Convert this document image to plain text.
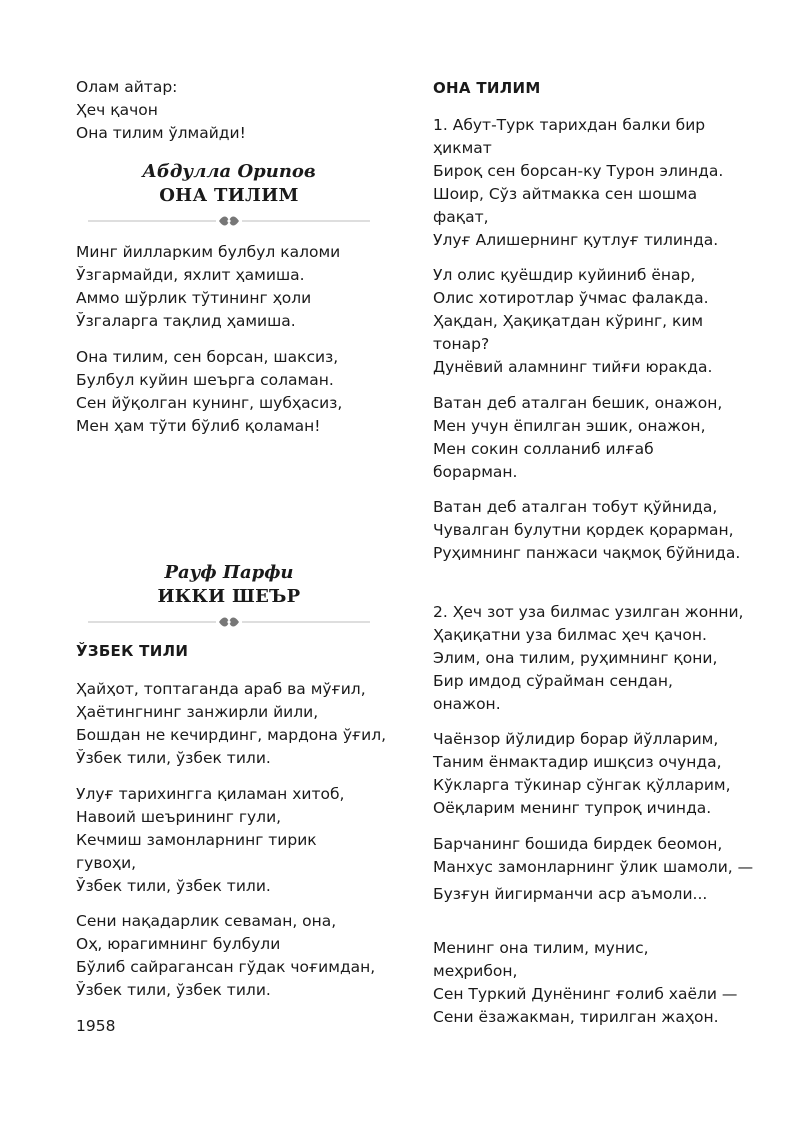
Олам айтар:
Ҳеч қачон
Она тилим ўлмайди!
Абдулла Орипов
ОНА ТИЛИМ
Минг йилларким булбул каломи
Ўзгармайди, яхлит ҳамиша.
Аммо шўрлик тўтининг ҳоли
Ўзгаларга тақлид ҳамиша.
Она тилим, сен борсан, шаксиз,
Булбул куйин шеърга соламан.
Сен йўқолган кунинг, шубҳасиз,
Мен ҳам тўти бўлиб қоламан!
Рауф Парфи
ИККИ ШЕЪР
ЎЗБЕК ТИЛИ
Ҳайҳот, топтаганда араб ва мўғил,
Ҳаётингнинг занжирли йили,
Бошдан не кечирдинг, мардона ўғил,
Ўзбек тили, ўзбек тили.
Улуғ тарихингга қиламан хитоб,
Навоий шеърининг гули,
Кечмиш замонларнинг тирик гувоҳи,
Ўзбек тили, ўзбек тили.
Сени нақадарлик севаман, она,
Оҳ, юрагимнинг булбули
Бўлиб сайрагансан гўдак чоғимдан,
Ўзбек тили, ўзбек тили.
1958
ОНА ТИЛИМ
1. Абут-Турк тарихдан балки бир ҳикмат
Бироқ сен борсан-ку Турон элинда.
Шоир, Сўз айтмакка сен шошма фақат,
Улуғ Алишернинг қутлуғ тилинда.
Ул олис қуёшдир куйиниб ёнар,
Олис хотиротлар ўчмас фалакда.
Ҳақдан, Ҳақиқатдан кўринг, ким тонар?
Дунёвий аламнинг тийғи юракда.
Ватан деб аталган бешик, онажон,
Мен учун ёпилган эшик, онажон,
Мен сокин солланиб илғаб борарман.
Ватан деб аталган тобут қўйнида,
Чувалган булутни қордек қорарман,
Руҳимнинг панжаси чақмоқ бўйнида.
2. Ҳеч зот уза билмас узилган жонни,
Ҳақиқатни уза билмас ҳеч қачон.
Элим, она тилим, руҳимнинг қони,
Бир имдод сўрайман сендан, онажон.
Чаёнзор йўлидир борар йўлларим,
Таним ёнмактадир ишқсиз очунда,
Кўкларга тўкинар сўнгак қўлларим,
Оёқларим менинг тупроқ ичинда.
Барчанинг бошида бирдек беомон,
Манхус замонларнинг ўлик шамоли, —
Бузғун йигирманчи аср аъмоли...
Менинг она тилим, мунис, меҳрибон,
Сен Туркий Дунёнинг ғолиб хаёли —
Сени ёзажакман, тирилган жаҳон.
